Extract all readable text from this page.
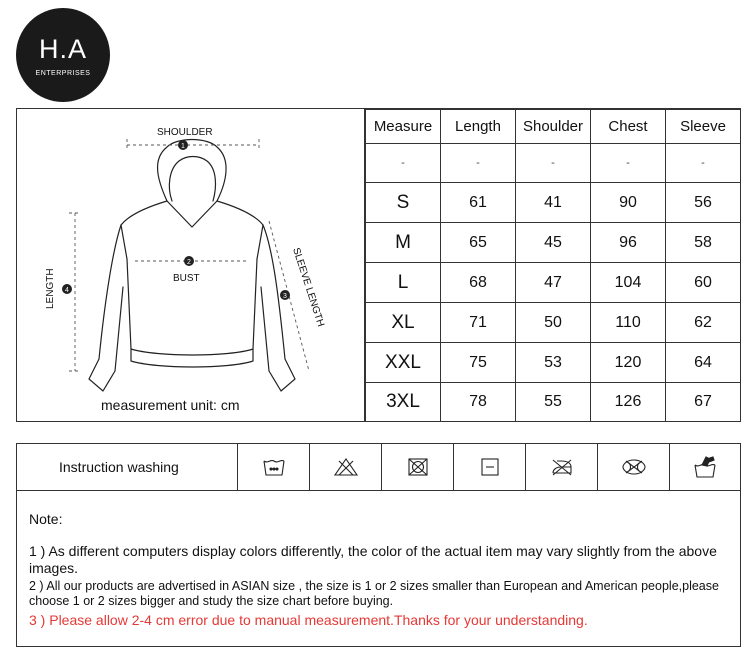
H.A
ENTERPRISES
1
2
3
4
SHOULDER
BUST
LENGTH	SLEEVE LENGTH
measurement unit: cm
Measure	Length	Shoulder	Chest	Sleeve
-	-	-	-	-
S	61	41	90	56
M	65	45	96	58
L	68	47	104	60
XL	71	50	110	62
XXL	75	53	120	64
3XL	78	55	126	67
Instruction washing
Note:
1 ) As different computers display colors differently, the color of the actual item may vary slightly from the above images.
2 ) All our products are advertised in ASIAN size , the size is 1 or 2 sizes smaller than European and American people,please choose 1 or 2 sizes bigger and study the size chart before buying.
3 ) Please allow 2-4 cm error due to manual measurement.Thanks for your understanding.
